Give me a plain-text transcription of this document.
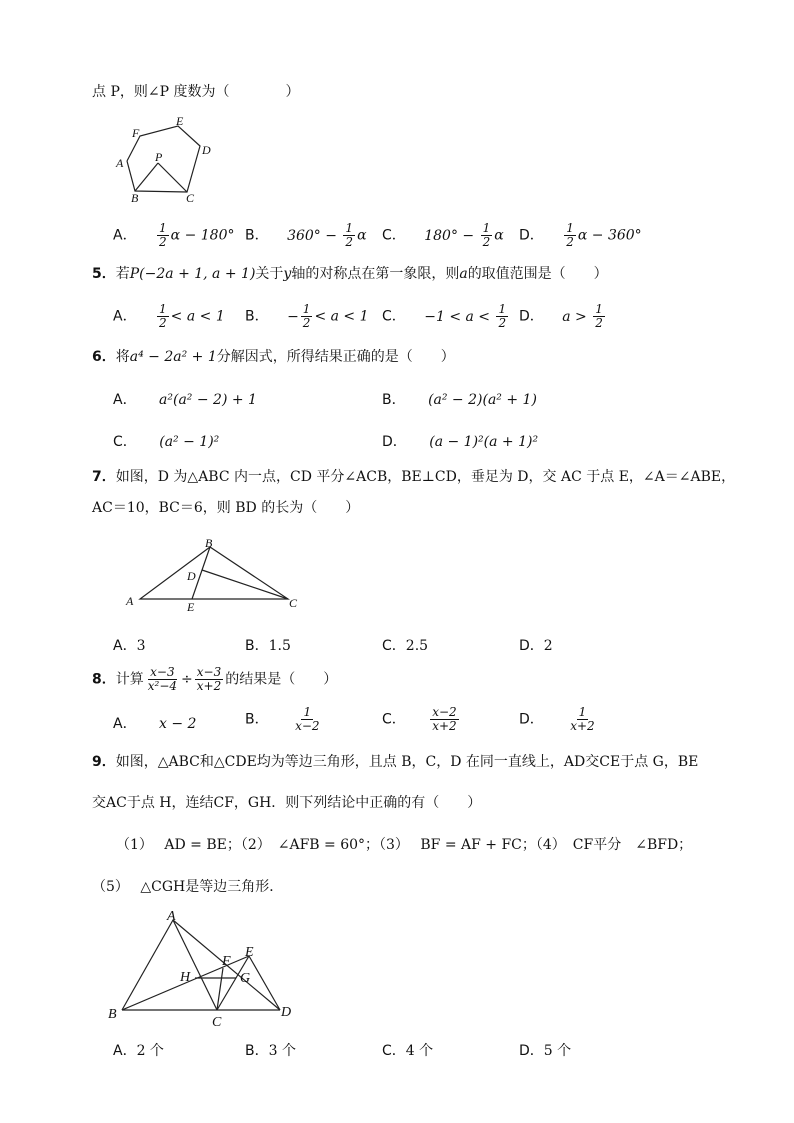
点 P，则∠P 度数为（　　　　）
A
B	C
D
E
F
P
A． $\frac{1}{2}$ α − 180° B． $360^\circ - \frac{1}{2}$ α C． $180^\circ - \frac{1}{2}$ α D． $\frac{1}{2}$ α − 360°
5．若P(−2a + 1, a + 1)关于y轴的对称点在第一象限，则a的取值范围是（　　）
A． $\frac{1}{2} < a < 1$ B． − $\frac{1}{2} < a < 1$ C． $-1 < a < \frac{1}{2}$ D． $a > \frac{1}{2}$
6．将a⁴ − 2a² + 1分解因式，所得结果正确的是（　　）
A． a²(a² − 2) + 1	B． (a² − 2)(a² + 1)
C． (a² − 1)²	D． (a − 1)²(a + 1)²
7．如图，D 为△ABC 内一点，CD 平分∠ACB，BE⊥CD，垂足为 D，交 AC 于点 E，∠A＝∠ABE，
AC＝10，BC＝6，则 BD 的长为（　　）
A
B
C
D
E
A．3	B．1.5	C．2.5	D．2
8．计算 $\frac{x-3}{\text{x²−4}} \div \frac{x-3}{x+2}$ 的结果是（　　）
A． x − 2	B． $\frac{1}{x-2}$	C． $\frac{x-2}{x+2}$	D． $\frac{1}{x+2}$
9．如图，△ABC和△CDE均为等边三角形，且点 B，C，D 在同一直线上，AD交CE于点 G，BE
交AC于点 H，连结CF，GH．则下列结论中正确的有（　　）
（1）　 AD = BE；（2）　∠AFB = 60°；（3）　 BF = AF + FC；（4）　CF平分　∠BFD；
（5）　 △CGH是等边三角形．
A
B
C
D
E
F
G
H
A．2 个	B．3 个	C．4 个	D．5 个
